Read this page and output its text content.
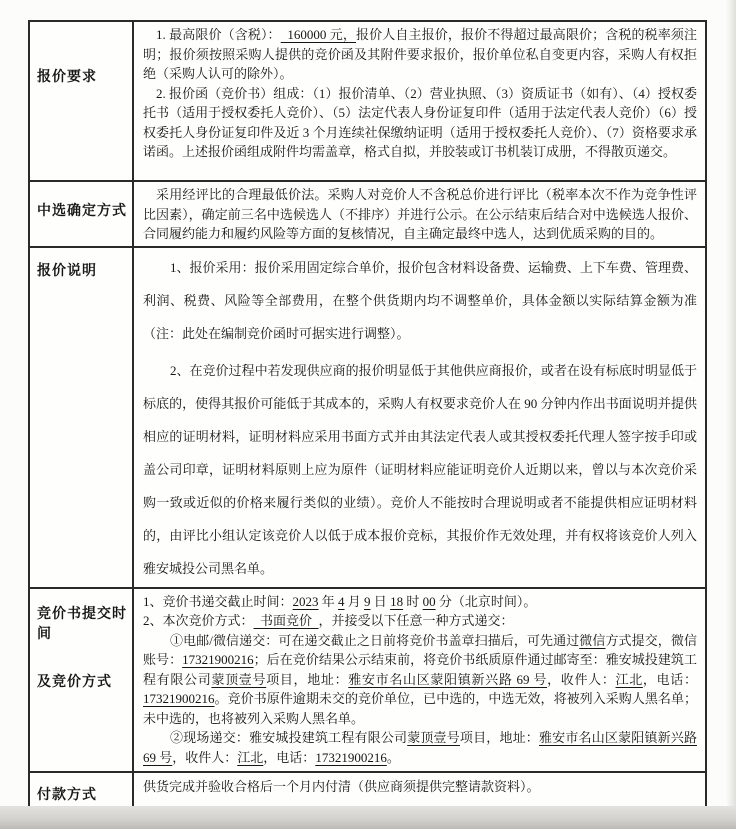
报价要求

1. 最高限价（含税）：  160000 元，报价人自主报价，报价不得超过最高限价；含税的税率须注明；报价须按照采购人提供的竞价函及其附件要求报价，报价单位私自变更内容，采购人有权拒绝（采购人认可的除外）。

2. 报价函（竞价书）组成：（1）报价清单、（2）营业执照、（3）资质证书（如有）、（4）授权委托书（适用于授权委托人竞价）、（5）法定代表人身份证复印件（适用于法定代表人竞价）（6）授权委托人身份证复印件及近 3 个月连续社保缴纳证明（适用于授权委托人竞价）、（7）资格要求承诺函。上述报价函组成附件均需盖章，格式自拟，并胶装或订书机装订成册，不得散页递交。

中选确定方式

采用经评比的合理最低价法。采购人对竞价人不含税总价进行评比（税率本次不作为竞争性评比因素），确定前三名中选候选人（不排序）并进行公示。在公示结束后结合对中选候选人报价、合同履约能力和履约风险等方面的复核情况，自主确定最终中选人，达到优质采购的目的。

报价说明	1、报价采用：报价采用固定综合单价，报价包含材料设备费、运输费、上下车费、管理费、利润、税费、风险等全部费用，在整个供货期内均不调整单价，具体金额以实际结算金额为准（注：此处在编制竞价函时可据实进行调整）。

2、在竞价过程中若发现供应商的报价明显低于其他供应商报价，或者在设有标底时明显低于标底的，使得其报价可能低于其成本的，采购人有权要求竞价人在 90 分钟内作出书面说明并提供相应的证明材料，证明材料应采用书面方式并由其法定代表人或其授权委托代理人签字按手印或盖公司印章，证明材料原则上应为原件（证明材料应能证明竞价人近期以来，曾以与本次竞价采购一致或近似的价格来履行类似的业绩）。竞价人不能按时合理说明或者不能提供相应证明材料的，由评比小组认定该竞价人以低于成本报价竞标，其报价作无效处理，并有权将该竞价人列入雅安城投公司黑名单。

竞价书提交时间
及竞价方式

1、竞价书递交截止时间：2023 年 4 月 9 日 18 时 00 分（北京时间）。

2、本次竞价方式：  书面竞价  ，并接受以下任意一种方式递交：

①电邮/微信递交：可在递交截止之日前将竞价书盖章扫描后，可先通过微信方式提交，微信账号：17321900216；后在竞价结果公示结束前，将竞价书纸质原件通过邮寄至：雅安城投建筑工程有限公司蒙顶壹号项目，地址：雅安市名山区蒙阳镇新兴路 69 号，收件人：江北，电话：17321900216。竞价书原件逾期未交的竞价单位，已中选的，中选无效，将被列入采购人黑名单；未中选的，也将被列入采购人黑名单。

②现场递交：雅安城投建筑工程有限公司蒙顶壹号项目，地址：雅安市名山区蒙阳镇新兴路 69 号，收件人：江北，电话：17321900216。

付款方式	供货完成并验收合格后一个月内付清（供应商须提供完整请款资料）。
